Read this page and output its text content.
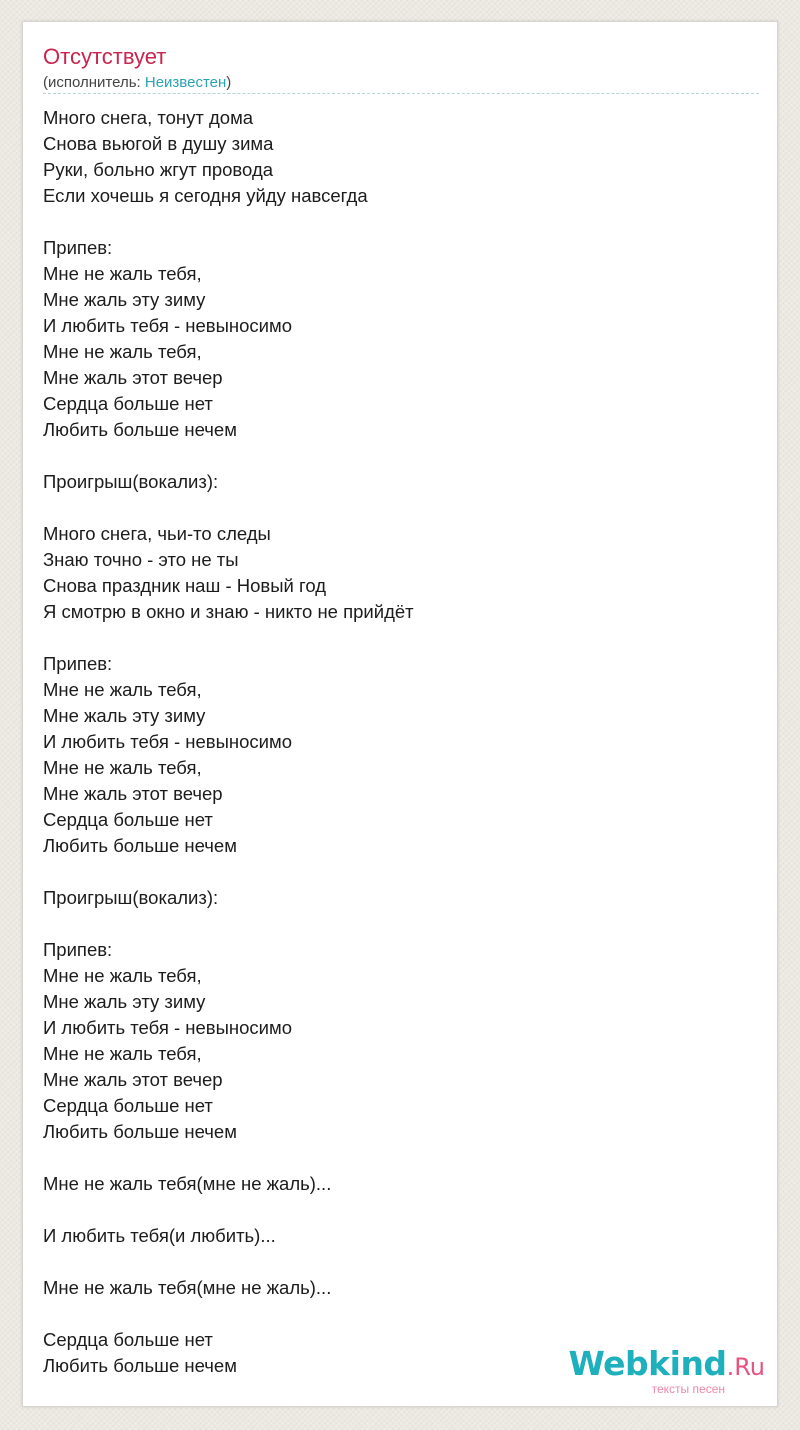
Отсутствует
(исполнитель: Неизвестен)
Много снега, тонут дома
Снова вьюгой в душу зима
Руки, больно жгут провода
Если хочешь я сегодня уйду навсегда
Припев:
Мне не жаль тебя,
Мне жаль эту зиму
И любить тебя - невыносимо
Мне не жаль тебя,
Мне жаль этот вечер
Сердца больше нет
Любить больше нечем
Проигрыш(вокализ):
Много снега, чьи-то следы
Знаю точно - это не ты
Снова праздник наш - Новый год
Я смотрю в окно и знаю - никто не прийдёт
Припев:
Мне не жаль тебя,
Мне жаль эту зиму
И любить тебя - невыносимо
Мне не жаль тебя,
Мне жаль этот вечер
Сердца больше нет
Любить больше нечем
Проигрыш(вокализ):
Припев:
Мне не жаль тебя,
Мне жаль эту зиму
И любить тебя - невыносимо
Мне не жаль тебя,
Мне жаль этот вечер
Сердца больше нет
Любить больше нечем
Мне не жаль тебя(мне не жаль)...
И любить тебя(и любить)...
Мне не жаль тебя(мне не жаль)...
Сердца больше нет
Любить больше нечем	Webkind.Ru
тексты песен
